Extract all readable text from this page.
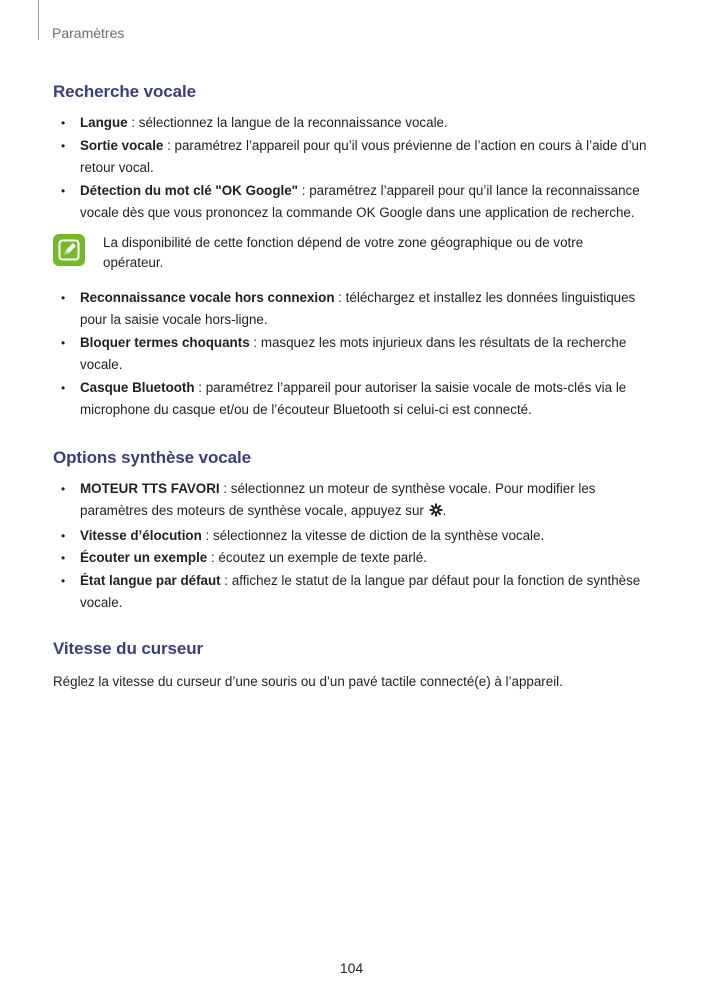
Paramètres
Recherche vocale
• Langue : sélectionnez la langue de la reconnaissance vocale.
• Sortie vocale : paramétrez l’appareil pour qu’il vous prévienne de l’action en cours à l’aide d’un retour vocal.
• Détection du mot clé "OK Google" : paramétrez l’appareil pour qu’il lance la reconnaissance vocale dès que vous prononcez la commande OK Google dans une application de recherche.
La disponibilité de cette fonction dépend de votre zone géographique ou de votre opérateur.
• Reconnaissance vocale hors connexion : téléchargez et installez les données linguistiques pour la saisie vocale hors-ligne.
• Bloquer termes choquants : masquez les mots injurieux dans les résultats de la recherche vocale.
• Casque Bluetooth : paramétrez l’appareil pour autoriser la saisie vocale de mots-clés via le microphone du casque et/ou de l’écouteur Bluetooth si celui-ci est connecté.
Options synthèse vocale
• MOTEUR TTS FAVORI : sélectionnez un moteur de synthèse vocale. Pour modifier les paramètres des moteurs de synthèse vocale, appuyez sur .
• Vitesse d’élocution : sélectionnez la vitesse de diction de la synthèse vocale.
• Écouter un exemple : écoutez un exemple de texte parlé.
• État langue par défaut : affichez le statut de la langue par défaut pour la fonction de synthèse vocale.
Vitesse du curseur

Réglez la vitesse du curseur d’une souris ou d’un pavé tactile connecté(e) à l’appareil.

104
